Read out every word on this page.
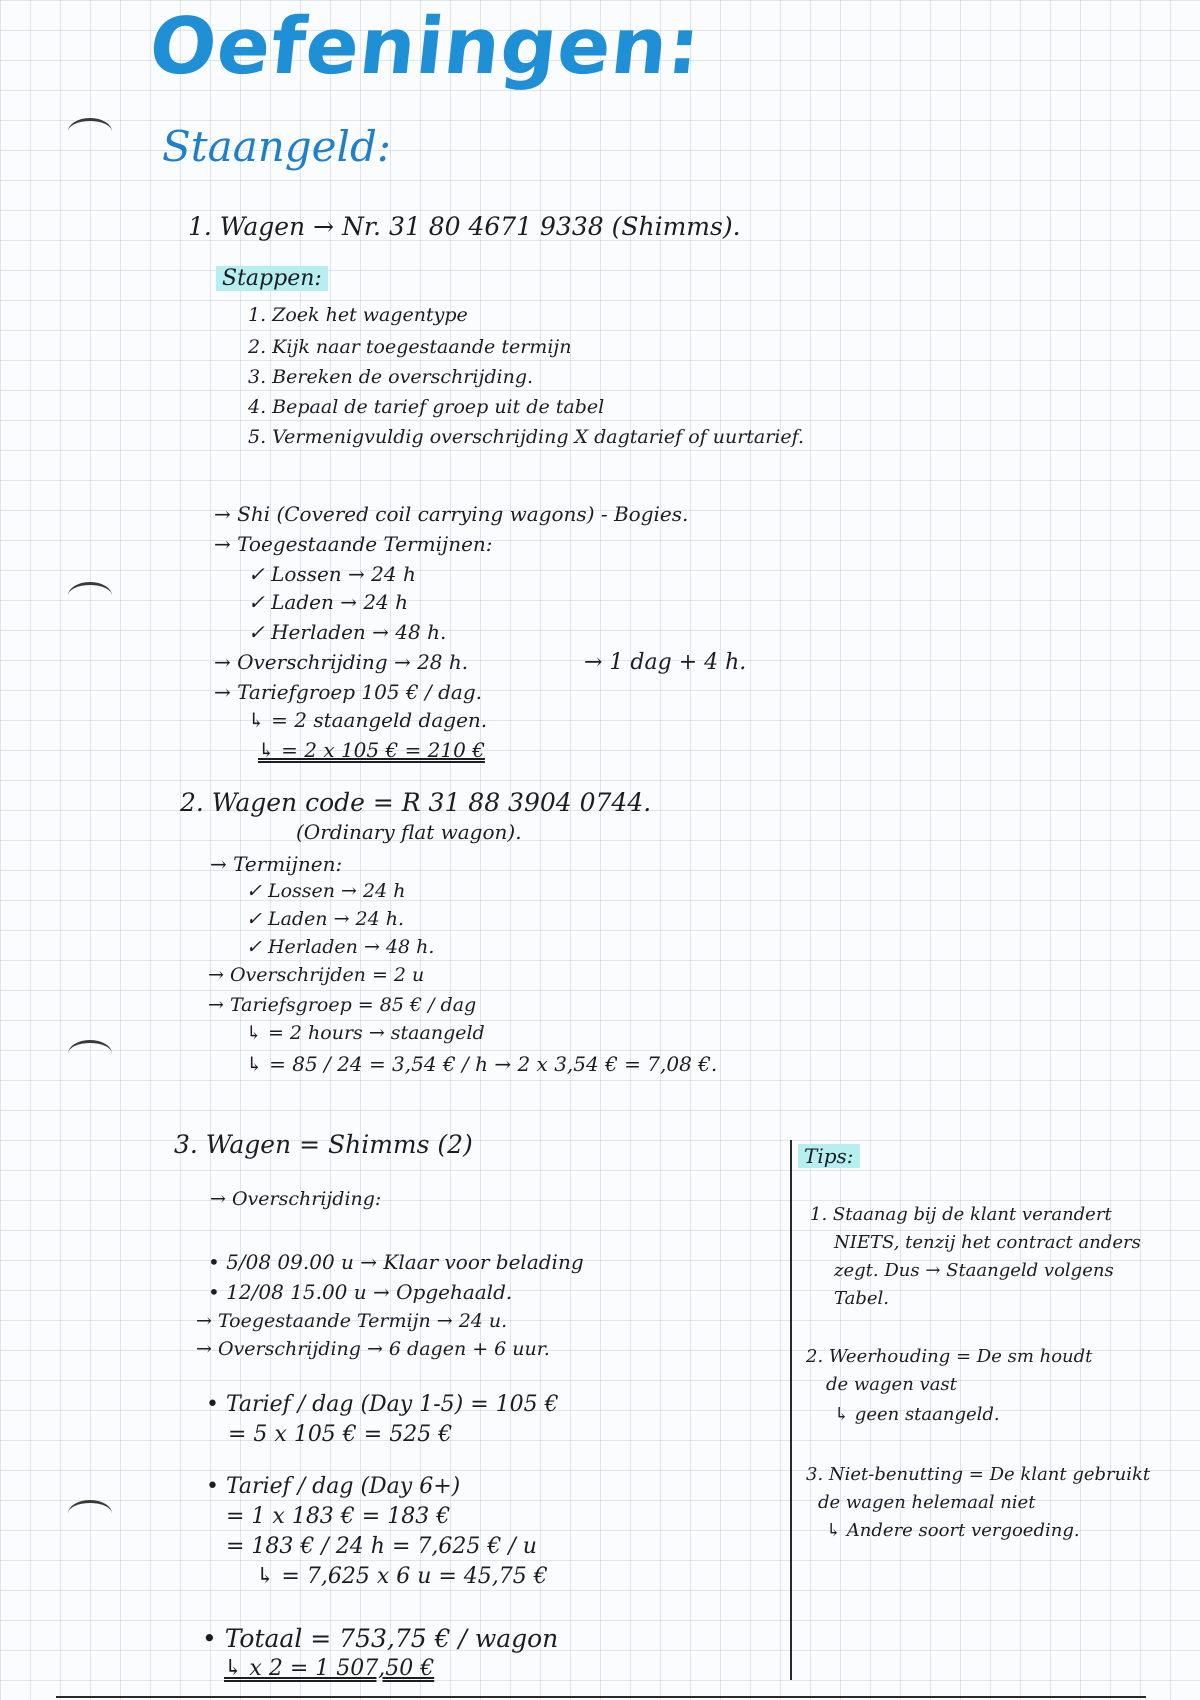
Oefeningen:
Staangeld:
1. Wagen → Nr. 31 80 4671 9338 (Shimms).
Stappen:
1. Zoek het wagentype
2. Kijk naar toegestaande termijn
3. Bereken de overschrijding.
4. Bepaal de tarief groep uit de tabel
5. Vermenigvuldig overschrijding X dagtarief of uurtarief.
→ Shi (Covered coil carrying wagons) - Bogies.
→ Toegestaande Termijnen:
✓ Lossen → 24 h
✓ Laden → 24 h
✓ Herladen → 48 h.
→ Overschrijding → 28 h.	→ 1 dag + 4 h.
→ Tariefgroep 105 € / dag.
↳ = 2 staangeld dagen.
↳ = 2 x 105 € = 210 €
2. Wagen code = R 31 88 3904 0744.
(Ordinary flat wagon).
→ Termijnen:
✓ Lossen → 24 h
✓ Laden → 24 h.
✓ Herladen → 48 h.
→ Overschrijden = 2 u
→ Tariefsgroep = 85 € / dag
↳ = 2 hours → staangeld
↳ = 85 / 24 = 3,54 € / h → 2 x 3,54 € = 7,08 €.
3. Wagen = Shimms (2)
→ Overschrijding:
• 5/08 09.00 u → Klaar voor belading
• 12/08 15.00 u → Opgehaald.
→ Toegestaande Termijn → 24 u.
→ Overschrijding → 6 dagen + 6 uur.
• Tarief / dag (Day 1-5) = 105 €
= 5 x 105 € = 525 €
• Tarief / dag (Day 6+)
= 1 x 183 € = 183 €
= 183 € / 24 h = 7,625 € / u
↳ = 7,625 x 6 u = 45,75 €
• Totaal = 753,75 € / wagon
↳ x 2 = 1 507,50 €
Tips:
1. Staanag bij de klant verandert
NIETS, tenzij het contract anders
zegt. Dus → Staangeld volgens
Tabel.
2. Weerhouding = De sm houdt
de wagen vast
↳ geen staangeld.
3. Niet-benutting = De klant gebruikt
de wagen helemaal niet
↳ Andere soort vergoeding.
